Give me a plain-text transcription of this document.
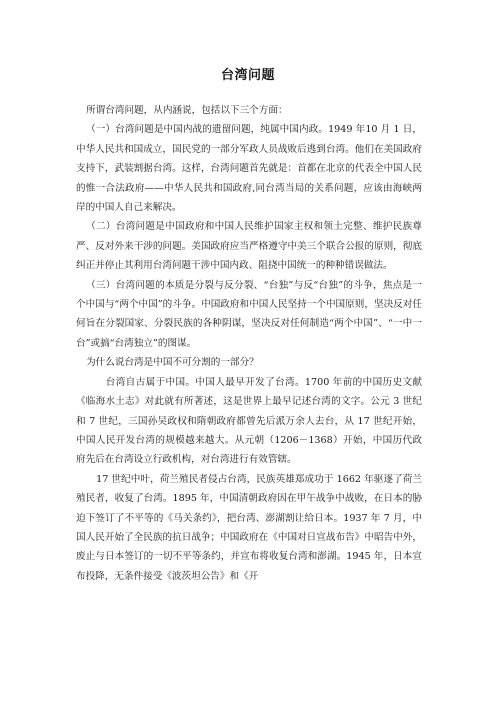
台湾问题

所谓台湾问题，从内涵说，包括以下三个方面：

（一）台湾问题是中国内战的遗留问题，纯属中国内政。1949 年10 月 1 日，中华人民共和国成立，国民党的一部分军政人员战败后逃到台湾。他们在美国政府支持下，武装割据台湾。这样，台湾问题首先就是：首都在北京的代表全中国人民的惟一合法政府——中华人民共和国政府,同台湾当局的关系问题，应该由海峡两岸的中国人自己来解决。

（二）台湾问题是中国政府和中国人民维护国家主权和领土完整、维护民族尊严、反对外来干涉的问题。美国政府应当严格遵守中美三个联合公报的原则，彻底纠正并停止其利用台湾问题干涉中国内政、阻挠中国统一的种种错误做法。

（三）台湾问题的本质是分裂与反分裂、“台独”与反“台独”的斗争，焦点是一个中国与“两个中国”的斗争。中国政府和中国人民坚持一个中国原则，坚决反对任何旨在分裂国家、分裂民族的各种阴谋，坚决反对任何制造“两个中国”、“一中一台”或搞“台湾独立”的图谋。

为什么说台湾是中国不可分割的一部分？

台湾自古属于中国。中国人最早开发了台湾。1700 年前的中国历史文献《临海水土志》对此就有所著述，这是世界上最早记述台湾的文字。公元 3 世纪和 7 世纪，三国孙吴政权和隋朝政府都曾先后派万余人去台，从 17 世纪开始，中国人民开发台湾的规模越来越大。从元朝（1206－1368）开始，中国历代政府先后在台湾设立行政机构，对台湾进行有效管辖。

17 世纪中叶，荷兰殖民者侵占台湾，民族英雄郑成功于 1662 年驱逐了荷兰殖民者，收复了台湾。1895 年，中国清朝政府因在甲午战争中战败，在日本的胁迫下签订了不平等的《马关条约》，把台湾、澎湖割让给日本。1937 年 7 月，中国人民开始了全民族的抗日战争；中国政府在《中国对日宣战布告》中昭告中外，废止与日本签订的一切不平等条约，并宣布将收复台湾和澎湖。1945 年，日本宣布投降，无条件接受《波茨坦公告》和《开
